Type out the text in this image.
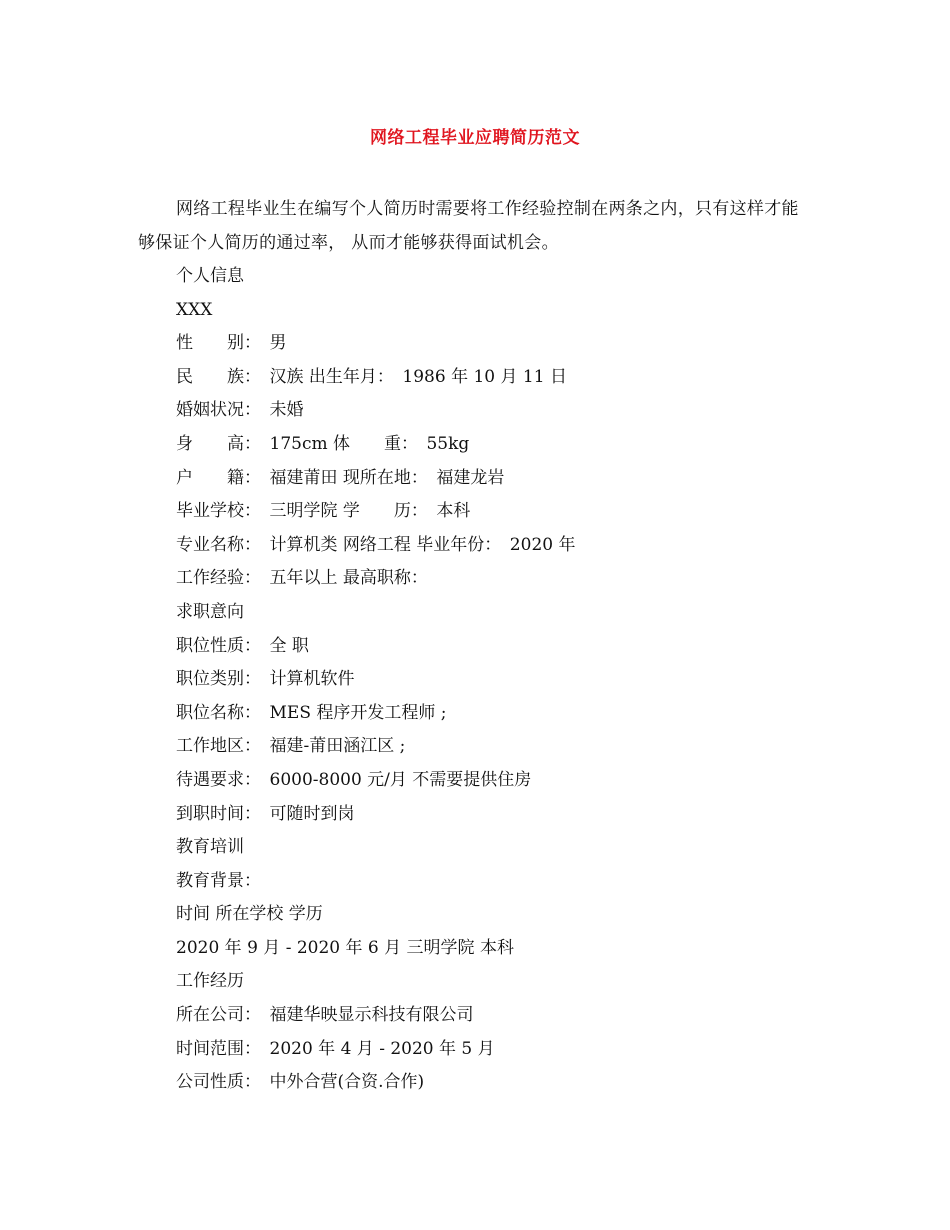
网络工程毕业应聘简历范文
网络工程毕业生在编写个人简历时需要将工作经验控制在两条之内，只有这样才能够保证个人简历的通过率， 从而才能够获得面试机会。
个人信息
XXX
性　　别：　男
民　　族：　汉族 出生年月：　1986 年 10 月 11 日
婚姻状况：　未婚
身　　高：　175cm 体　　重：　55kg
户　　籍：　福建莆田 现所在地：　福建龙岩
毕业学校：　三明学院 学　　历：　本科
专业名称：　计算机类 网络工程 毕业年份：　2020 年
工作经验：　五年以上 最高职称：
求职意向
职位性质：　全 职
职位类别：　计算机软件
职位名称：　MES 程序开发工程师 ;
工作地区：　福建-莆田涵江区 ;
待遇要求：　6000-8000 元/月 不需要提供住房
到职时间：　可随时到岗
教育培训
教育背景：
时间 所在学校 学历
2020 年 9 月 - 2020 年 6 月 三明学院 本科
工作经历
所在公司：　福建华映显示科技有限公司
时间范围：　2020 年 4 月 - 2020 年 5 月
公司性质：　中外合营(合资.合作)
